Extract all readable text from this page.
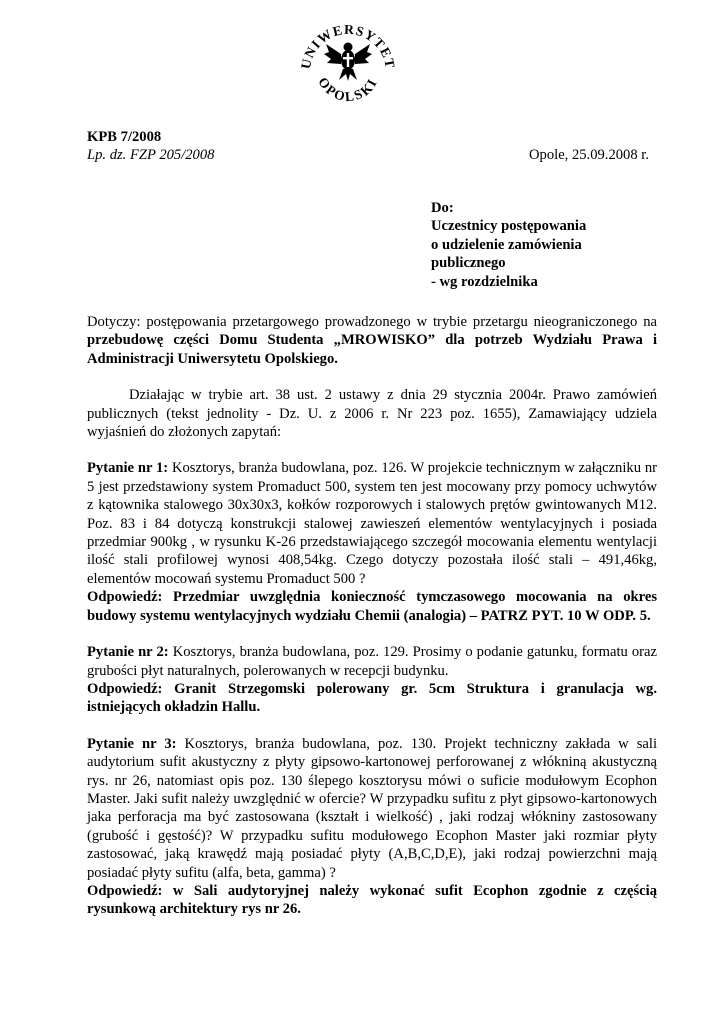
UNIWERSYTET
OPOLSKI
KPB 7/2008
Lp. dz. FZP 205/2008	Opole, 25.09.2008 r.
Do:
Uczestnicy postępowania
o udzielenie zamówienia
publicznego
- wg rozdzielnika

Dotyczy: postępowania przetargowego prowadzonego w trybie przetargu nieograniczonego na przebudowę części Domu Studenta „MROWISKO” dla potrzeb Wydziału Prawa i Administracji Uniwersytetu Opolskiego.

Działając w trybie art. 38 ust. 2 ustawy z dnia 29 stycznia 2004r. Prawo zamówień publicznych (tekst jednolity - Dz. U. z 2006 r. Nr 223 poz. 1655), Zamawiający udziela wyjaśnień do złożonych zapytań:

Pytanie nr 1: Kosztorys, branża budowlana, poz. 126. W projekcie technicznym w załączniku nr 5 jest przedstawiony system Promaduct 500, system ten jest mocowany przy pomocy uchwytów z kątownika stalowego 30x30x3, kołków rozporowych i stalowych prętów gwintowanych M12. Poz. 83 i 84 dotyczą konstrukcji stalowej zawieszeń elementów wentylacyjnych i posiada przedmiar 900kg , w rysunku K-26 przedstawiającego szczegół mocowania elementu wentylacji ilość stali profilowej wynosi 408,54kg. Czego dotyczy pozostała ilość stali – 491,46kg, elementów mocowań systemu Promaduct 500 ?

Odpowiedź: Przedmiar uwzględnia konieczność tymczasowego mocowania na okres budowy systemu wentylacyjnych wydziału Chemii (analogia) – PATRZ PYT. 10 W ODP. 5.

Pytanie nr 2: Kosztorys, branża budowlana, poz. 129. Prosimy o podanie gatunku, formatu oraz grubości płyt naturalnych, polerowanych w recepcji budynku.

Odpowiedź: Granit Strzegomski polerowany gr. 5cm Struktura i granulacja wg. istniejących okładzin Hallu.

Pytanie nr 3: Kosztorys, branża budowlana, poz. 130. Projekt techniczny zakłada w sali audytorium sufit akustyczny z płyty gipsowo-kartonowej perforowanej z włókniną akustyczną rys. nr 26, natomiast opis poz. 130 ślepego kosztorysu mówi o suficie modułowym Ecophon Master. Jaki sufit należy uwzględnić w ofercie? W przypadku sufitu z płyt gipsowo-kartonowych jaka perforacja ma być zastosowana (kształt i wielkość) , jaki rodzaj włókniny zastosowany (grubość i gęstość)? W przypadku sufitu modułowego Ecophon Master jaki rozmiar płyty zastosować, jaką krawędź mają posiadać płyty (A,B,C,D,E), jaki rodzaj powierzchni mają posiadać płyty sufitu (alfa, beta, gamma) ?

Odpowiedź: w Sali audytoryjnej należy wykonać sufit Ecophon zgodnie z częścią rysunkową architektury rys nr 26.
